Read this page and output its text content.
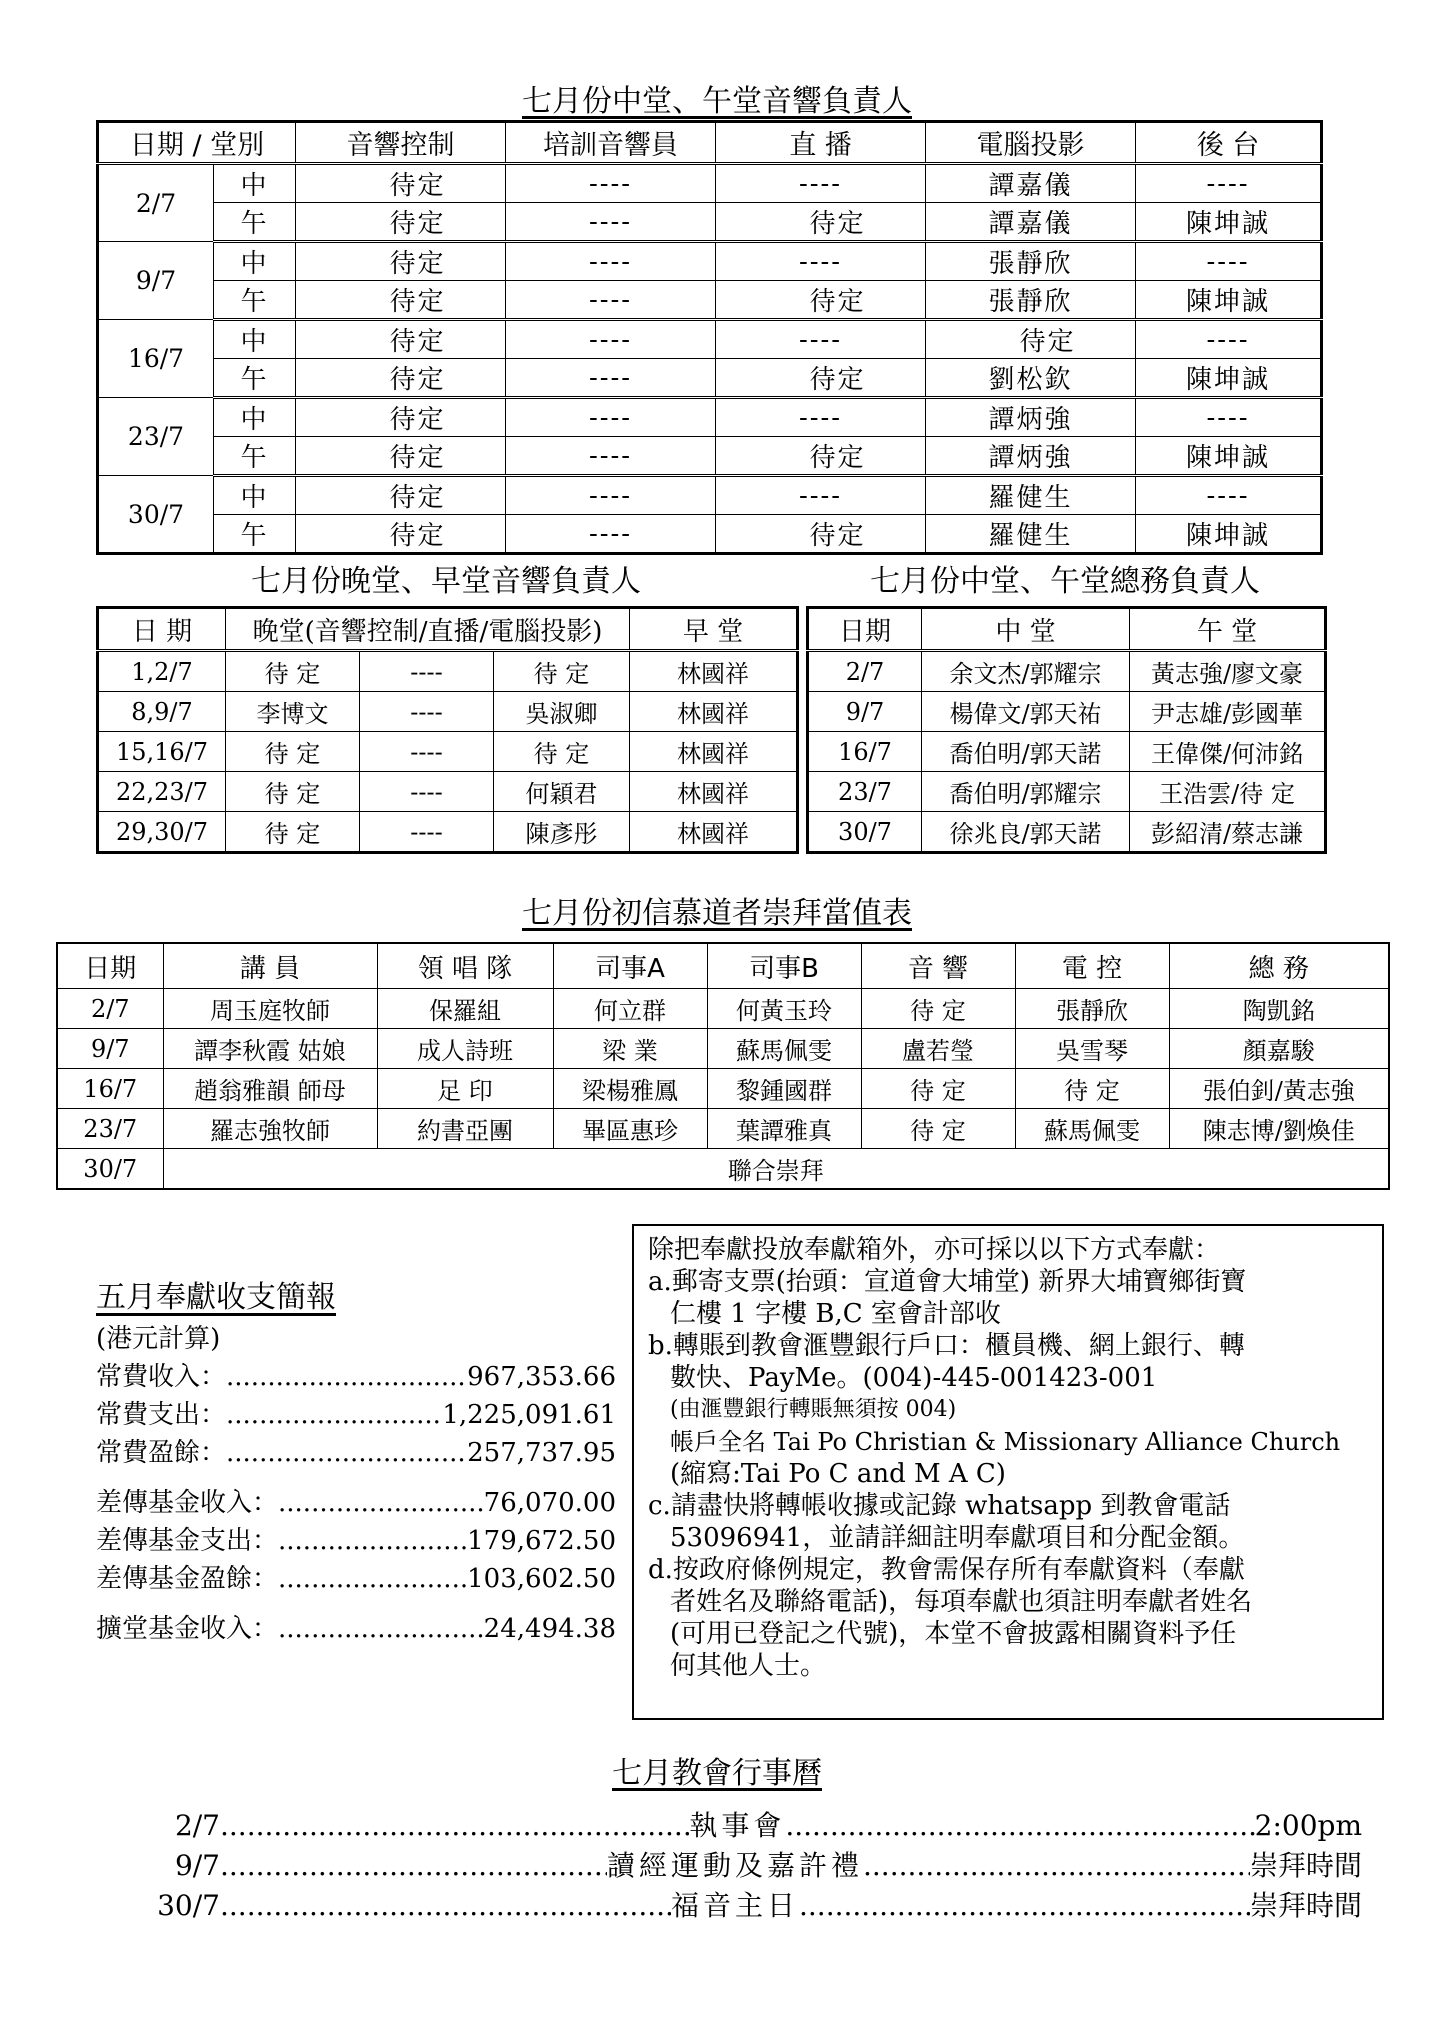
七月份中堂、午堂音響負責人
日期 / 堂別		音響控制	培訓音響員	直 播	電腦投影	後 台
2/7	中	待定	----	----	譚嘉儀	----
	午	待定	----	待定	譚嘉儀	陳坤誠
9/7	中	待定	----	----	張靜欣	----
	午	待定	----	待定	張靜欣	陳坤誠
16/7	中	待定	----	----	待定	----
	午	待定	----	待定	劉松欽	陳坤誠
23/7	中	待定	----	----	譚炳強	----
	午	待定	----	待定	譚炳強	陳坤誠
30/7	中	待定	----	----	羅健生	----
	午	待定	----	待定	羅健生	陳坤誠
七月份晚堂、早堂音響負責人	七月份中堂、午堂總務負責人
日 期	晚堂(音響控制/直播/電腦投影)			早 堂
1,2/7	待 定	----	待 定	林國祥
8,9/7	李博文	----	吳淑卿	林國祥
15,16/7	待 定	----	待 定	林國祥
22,23/7	待 定	----	何穎君	林國祥
29,30/7	待 定	----	陳彥彤	林國祥
日期	中 堂	午 堂
2/7	余文杰/郭耀宗	黃志強/廖文豪
9/7	楊偉文/郭天祐	尹志雄/彭國華
16/7	喬伯明/郭天諾	王偉傑/何沛銘
23/7	喬伯明/郭耀宗	王浩雲/待 定
30/7	徐兆良/郭天諾	彭紹清/蔡志謙
七月份初信慕道者崇拜當值表
日期	講 員	領 唱 隊	司事A	司事B	音 響	電 控	總 務
2/7	周玉庭牧師	保羅組	何立群	何黃玉玲	待 定	張靜欣	陶凱銘
9/7	譚李秋霞 姑娘	成人詩班	梁 業	蘇馬佩雯	盧若瑩	吳雪琴	顏嘉駿
16/7	趙翁雅韻 師母	足 印	梁楊雅鳳	黎鍾國群	待 定	待 定	張伯釗/黃志強
23/7	羅志強牧師	約書亞團	畢區惠珍	葉譚雅真	待 定	蘇馬佩雯	陳志博/劉煥佳
30/7	聯合崇拜						
五月奉獻收支簡報
(港元計算)
常費收入： .....	967,353.66
常費支出： .....	1,225,091.61
常費盈餘： .....	257,737.95
差傳基金收入： .....	76,070.00
差傳基金支出： .....	179,672.50
差傳基金盈餘： .....	103,602.50
擴堂基金收入： .....	24,494.38

除把奉獻投放奉獻箱外，亦可採以以下方式奉獻：

a.郵寄支票(抬頭：宣道會大埔堂) 新界大埔寶鄉街寶

仁樓 1 字樓 B,C 室會計部收

b.轉賬到教會滙豐銀行戶口：櫃員機、網上銀行、轉

數快、PayMe。(004)-445-001423-001

(由滙豐銀行轉賬無須按 004)

帳戶全名 Tai Po Christian & Missionary Alliance Church

(縮寫:Tai Po C and M A C)

c.請盡快將轉帳收據或記錄 whatsapp 到教會電話

53096941，並請詳細註明奉獻項目和分配金額。

d.按政府條例規定，教會需保存所有奉獻資料（奉獻

者姓名及聯絡電話)，每項奉獻也須註明奉獻者姓名

(可用已登記之代號)，本堂不會披露相關資料予任

何其他人士。

七月教會行事曆
2/7 .....	執事會 .....	2:00pm
9/7 .....	讀經運動及嘉許禮 .....	崇拜時間
30/7 .....	福音主日 .....	崇拜時間
